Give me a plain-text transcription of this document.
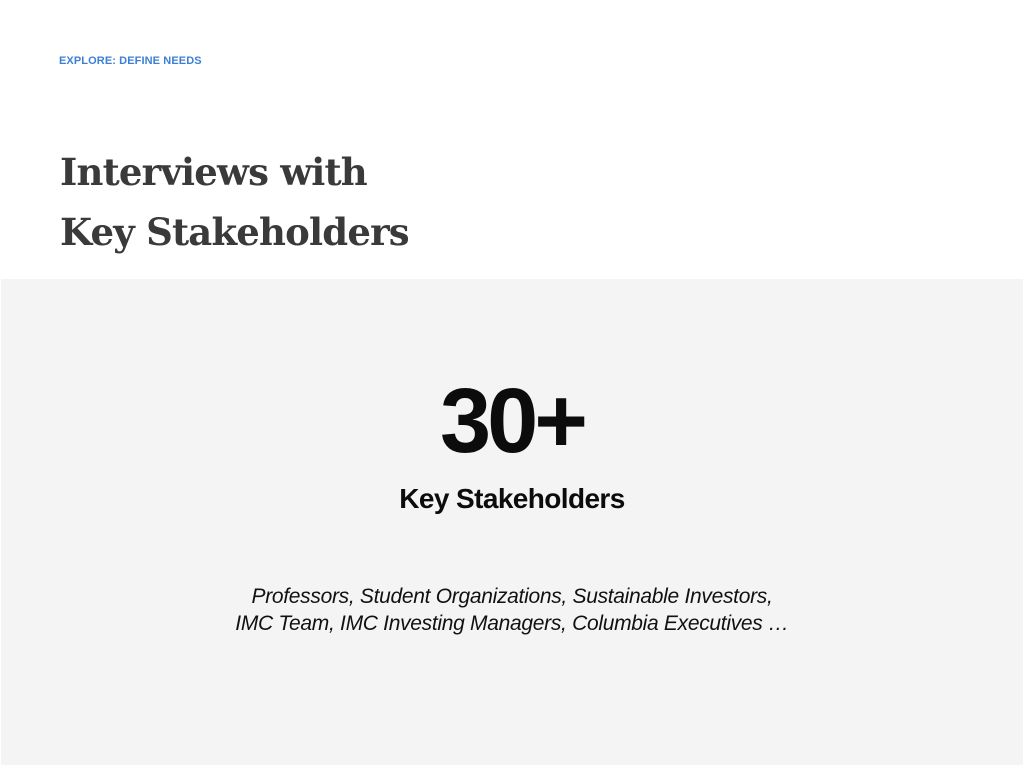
EXPLORE: DEFINE NEEDS
Interviews with
Key Stakeholders
30+
Key Stakeholders
Professors, Student Organizations, Sustainable Investors,
IMC Team, IMC Investing Managers, Columbia Executives …
